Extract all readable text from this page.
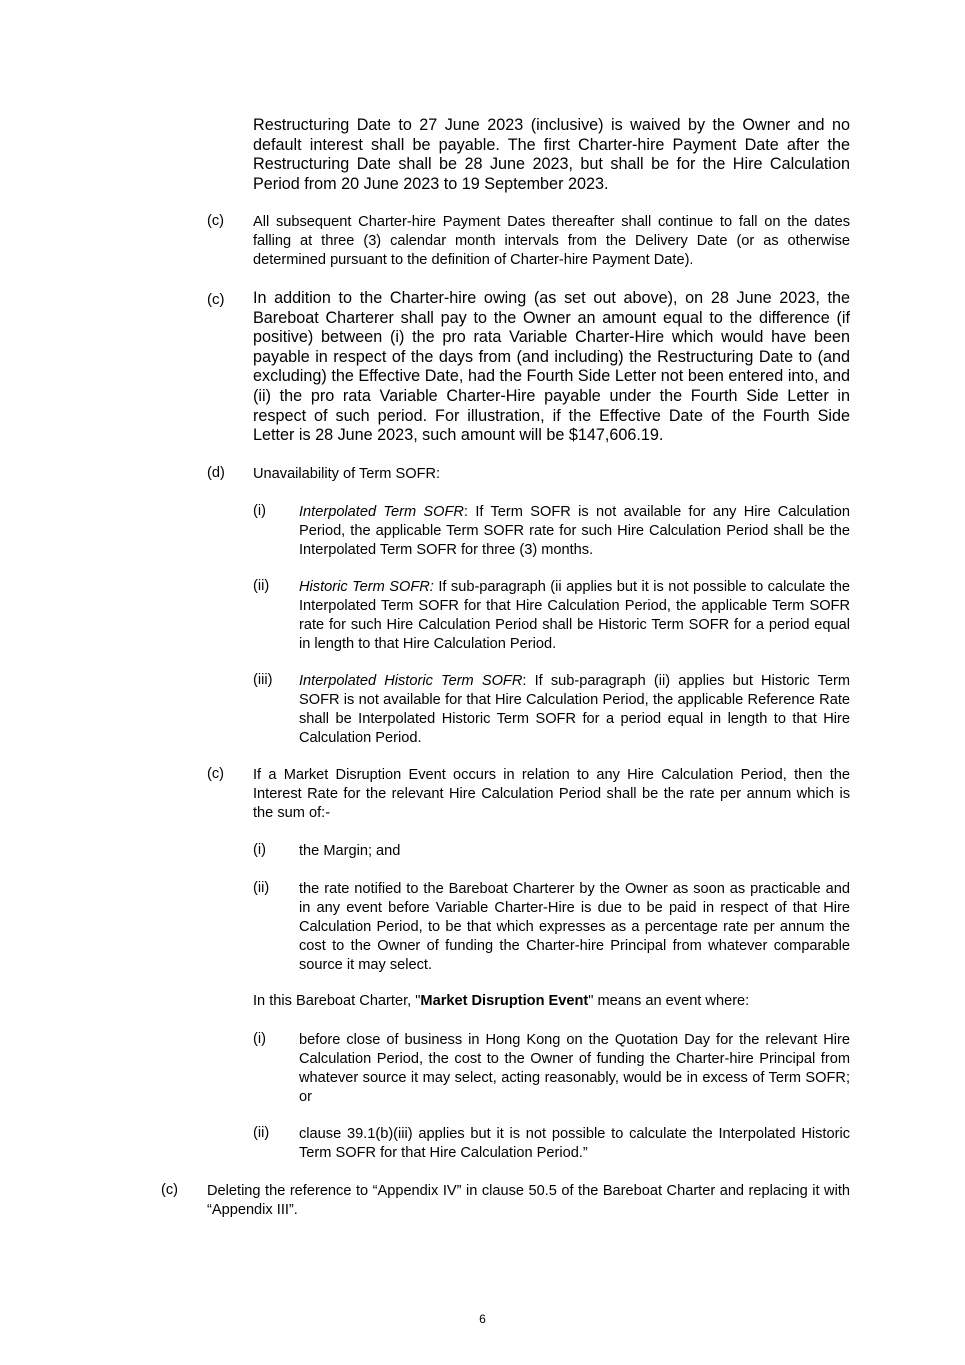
Restructuring Date to 27 June 2023 (inclusive) is waived by the Owner and no default interest shall be payable. The first Charter-hire Payment Date after the Restructuring Date shall be 28 June 2023, but shall be for the Hire Calculation Period from 20 June 2023 to 19 September 2023.
(c) All subsequent Charter-hire Payment Dates thereafter shall continue to fall on the dates falling at three (3) calendar month intervals from the Delivery Date (or as otherwise determined pursuant to the definition of Charter-hire Payment Date).
(c) In addition to the Charter-hire owing (as set out above), on 28 June 2023, the Bareboat Charterer shall pay to the Owner an amount equal to the difference (if positive) between (i) the pro rata Variable Charter-Hire which would have been payable in respect of the days from (and including) the Restructuring Date to (and excluding) the Effective Date, had the Fourth Side Letter not been entered into, and (ii) the pro rata Variable Charter-Hire payable under the Fourth Side Letter in respect of such period. For illustration, if the Effective Date of the Fourth Side Letter is 28 June 2023, such amount will be $147,606.19.
(d) Unavailability of Term SOFR:
(i) Interpolated Term SOFR: If Term SOFR is not available for any Hire Calculation Period, the applicable Term SOFR rate for such Hire Calculation Period shall be the Interpolated Term SOFR for three (3) months.
(ii) Historic Term SOFR: If sub-paragraph (ii applies but it is not possible to calculate the Interpolated Term SOFR for that Hire Calculation Period, the applicable Term SOFR rate for such Hire Calculation Period shall be Historic Term SOFR for a period equal in length to that Hire Calculation Period.
(iii) Interpolated Historic Term SOFR: If sub-paragraph (ii) applies but Historic Term SOFR is not available for that Hire Calculation Period, the applicable Reference Rate shall be Interpolated Historic Term SOFR for a period equal in length to that Hire Calculation Period.
(c) If a Market Disruption Event occurs in relation to any Hire Calculation Period, then the Interest Rate for the relevant Hire Calculation Period shall be the rate per annum which is the sum of:-
(i) the Margin; and
(ii) the rate notified to the Bareboat Charterer by the Owner as soon as practicable and in any event before Variable Charter-Hire is due to be paid in respect of that Hire Calculation Period, to be that which expresses as a percentage rate per annum the cost to the Owner of funding the Charter-hire Principal from whatever comparable source it may select.
In this Bareboat Charter, "Market Disruption Event" means an event where:
(i) before close of business in Hong Kong on the Quotation Day for the relevant Hire Calculation Period, the cost to the Owner of funding the Charter-hire Principal from whatever source it may select, acting reasonably, would be in excess of Term SOFR; or
(ii) clause 39.1(b)(iii) applies but it is not possible to calculate the Interpolated Historic Term SOFR for that Hire Calculation Period.”
(c) Deleting the reference to “Appendix IV” in clause 50.5 of the Bareboat Charter and replacing it with “Appendix III”.
6
